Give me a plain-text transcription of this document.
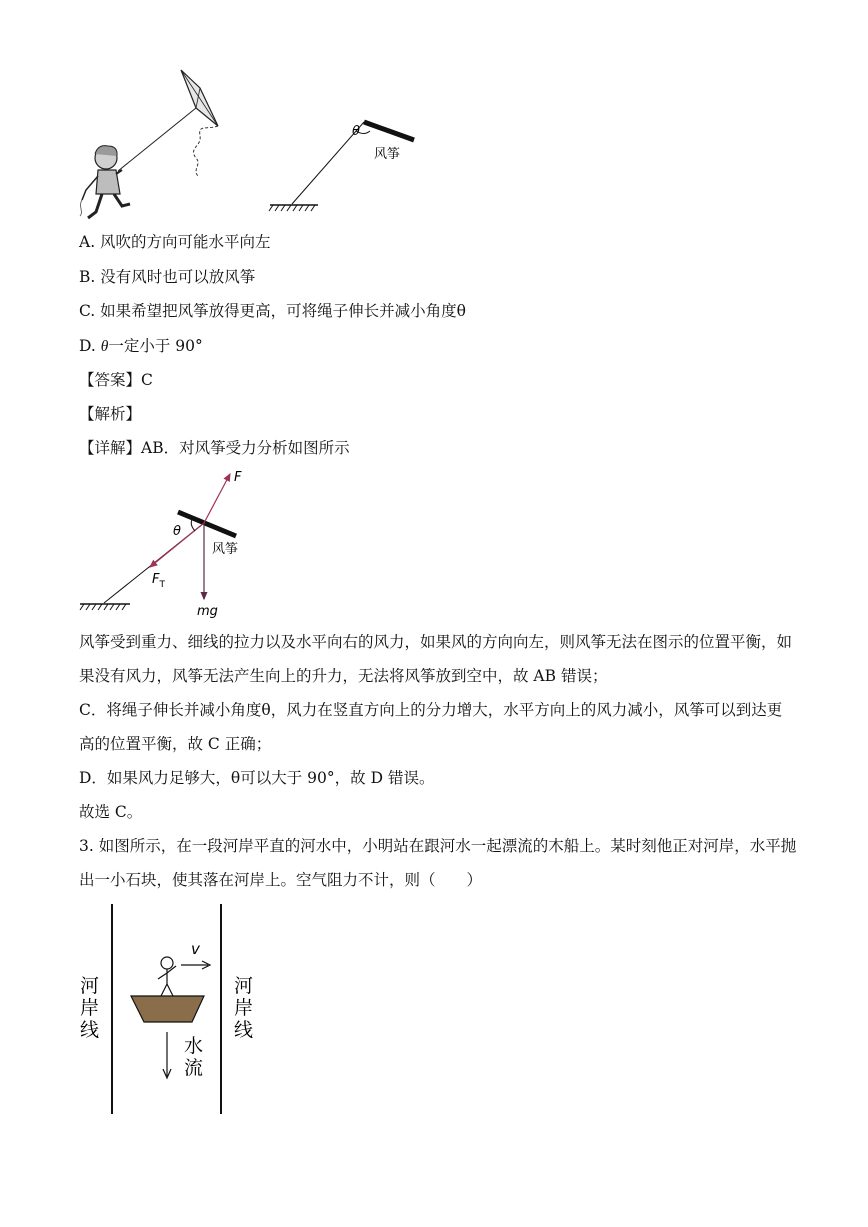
θ
风筝
A. 风吹的方向可能水平向左
B. 没有风时也可以放风筝
C. 如果希望把风筝放得更高，可将绳子伸长并减小角度θ
D. θ一定小于 90°
【答案】C
【解析】
【详解】AB．对风筝受力分析如图所示
F
θ
风筝
$F_T$
mg
风筝受到重力、细线的拉力以及水平向右的风力，如果风的方向向左，则风筝无法在图示的位置平衡，如
果没有风力，风筝无法产生向上的升力，无法将风筝放到空中，故 AB 错误；
C．将绳子伸长并减小角度θ，风力在竖直方向上的分力增大，水平方向上的风力减小，风筝可以到达更
高的位置平衡，故 C 正确；
D．如果风力足够大，θ可以大于 90°，故 D 错误。
故选 C。
3. 如图所示，在一段河岸平直的河水中，小明站在跟河水一起漂流的木船上。某时刻他正对河岸，水平抛
出一小石块，使其落在河岸上。空气阻力不计，则（　　）
v
水
流
河
岸
线
河
岸
线
